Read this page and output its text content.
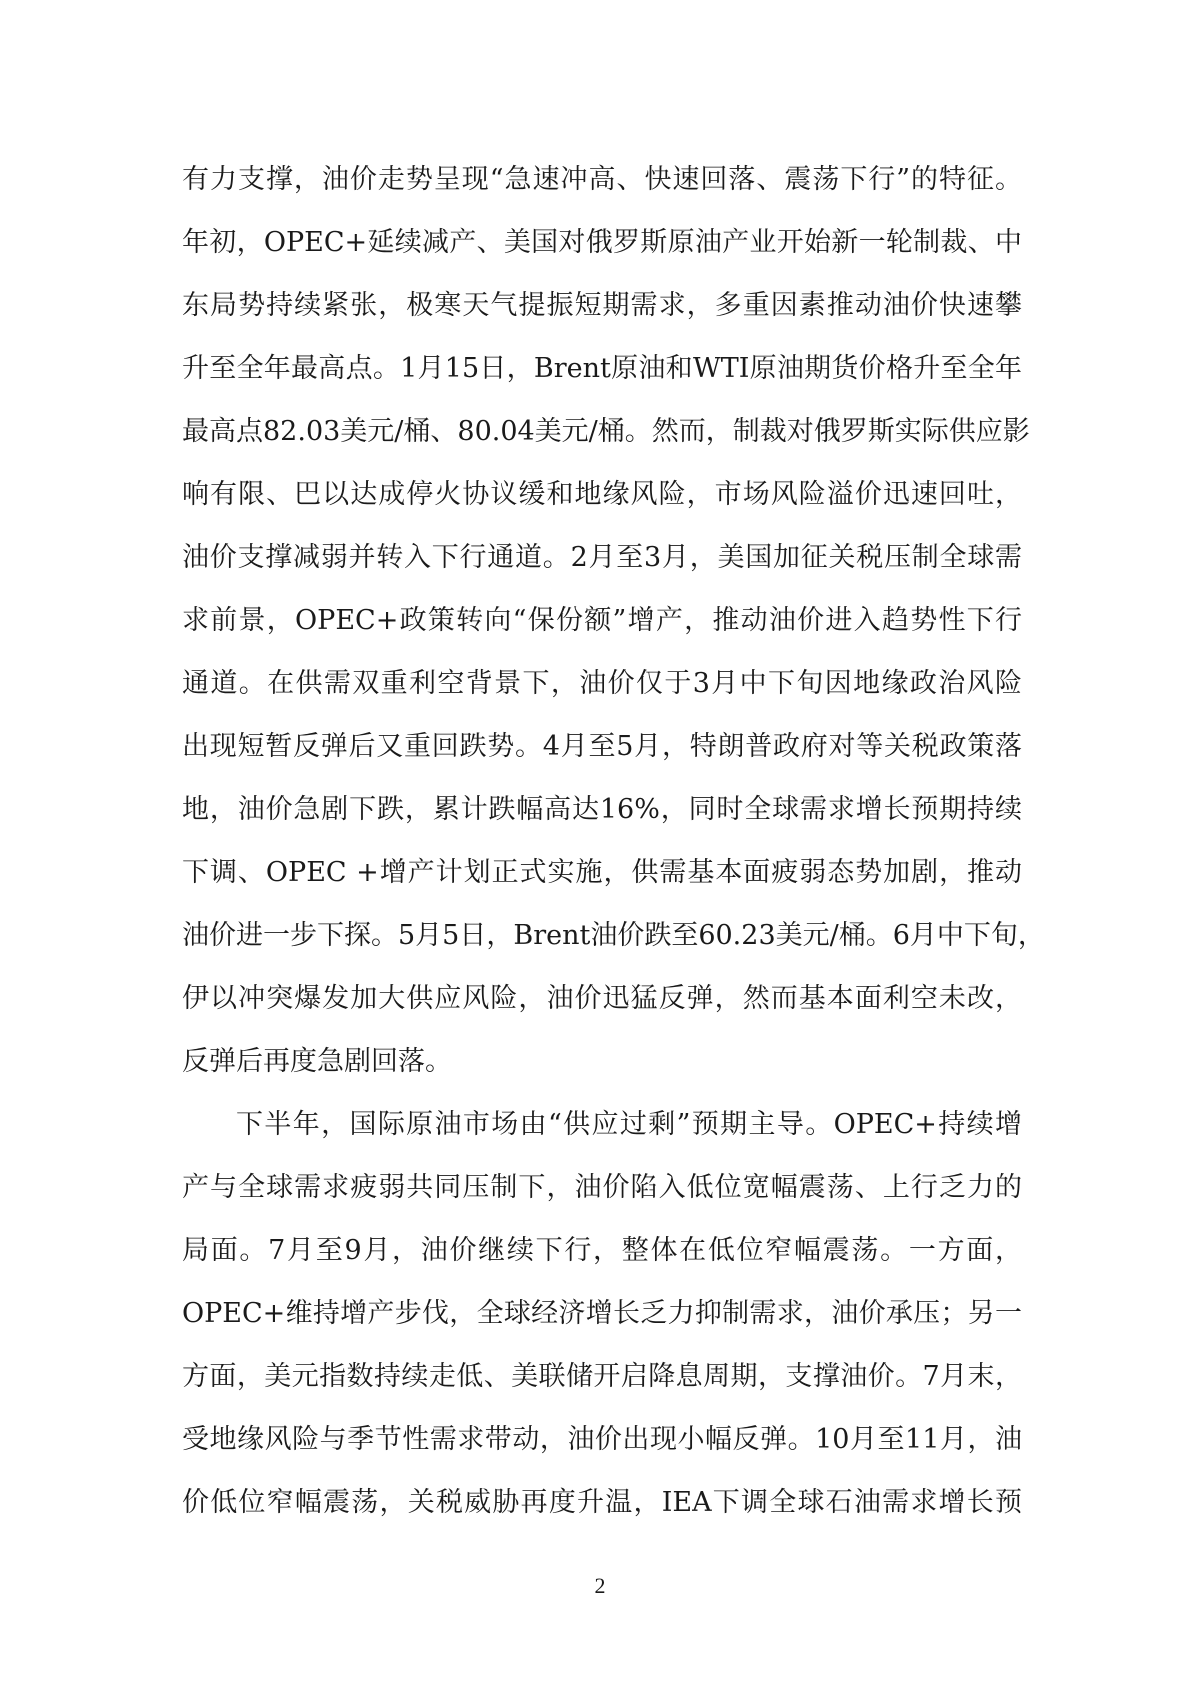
有力支撑，油价走势呈现“急速冲高、快速回落、震荡下行”的特征。
年初，OPEC+延续减产、美国对俄罗斯原油产业开始新一轮制裁、中
东局势持续紧张，极寒天气提振短期需求，多重因素推动油价快速攀
升至全年最高点。1月15日，Brent原油和WTI原油期货价格升至全年
最高点82.03美元/桶、80.04美元/桶。然而，制裁对俄罗斯实际供应影
响有限、巴以达成停火协议缓和地缘风险，市场风险溢价迅速回吐，
油价支撑减弱并转入下行通道。2月至3月，美国加征关税压制全球需
求前景，OPEC+政策转向“保份额”增产，推动油价进入趋势性下行
通道。在供需双重利空背景下，油价仅于3月中下旬因地缘政治风险
出现短暂反弹后又重回跌势。4月至5月，特朗普政府对等关税政策落
地，油价急剧下跌，累计跌幅高达16%，同时全球需求增长预期持续
下调、OPEC +增产计划正式实施，供需基本面疲弱态势加剧，推动
油价进一步下探。5月5日，Brent油价跌至60.23美元/桶。6月中下旬，
伊以冲突爆发加大供应风险，油价迅猛反弹，然而基本面利空未改，
反弹后再度急剧回落。
下半年，国际原油市场由“供应过剩”预期主导。OPEC+持续增
产与全球需求疲弱共同压制下，油价陷入低位宽幅震荡、上行乏力的
局面。7月至9月，油价继续下行，整体在低位窄幅震荡。一方面，
OPEC+维持增产步伐，全球经济增长乏力抑制需求，油价承压；另一
方面，美元指数持续走低、美联储开启降息周期，支撑油价。7月末，
受地缘风险与季节性需求带动，油价出现小幅反弹。10月至11月，油
价低位窄幅震荡，关税威胁再度升温，IEA下调全球石油需求增长预
2
